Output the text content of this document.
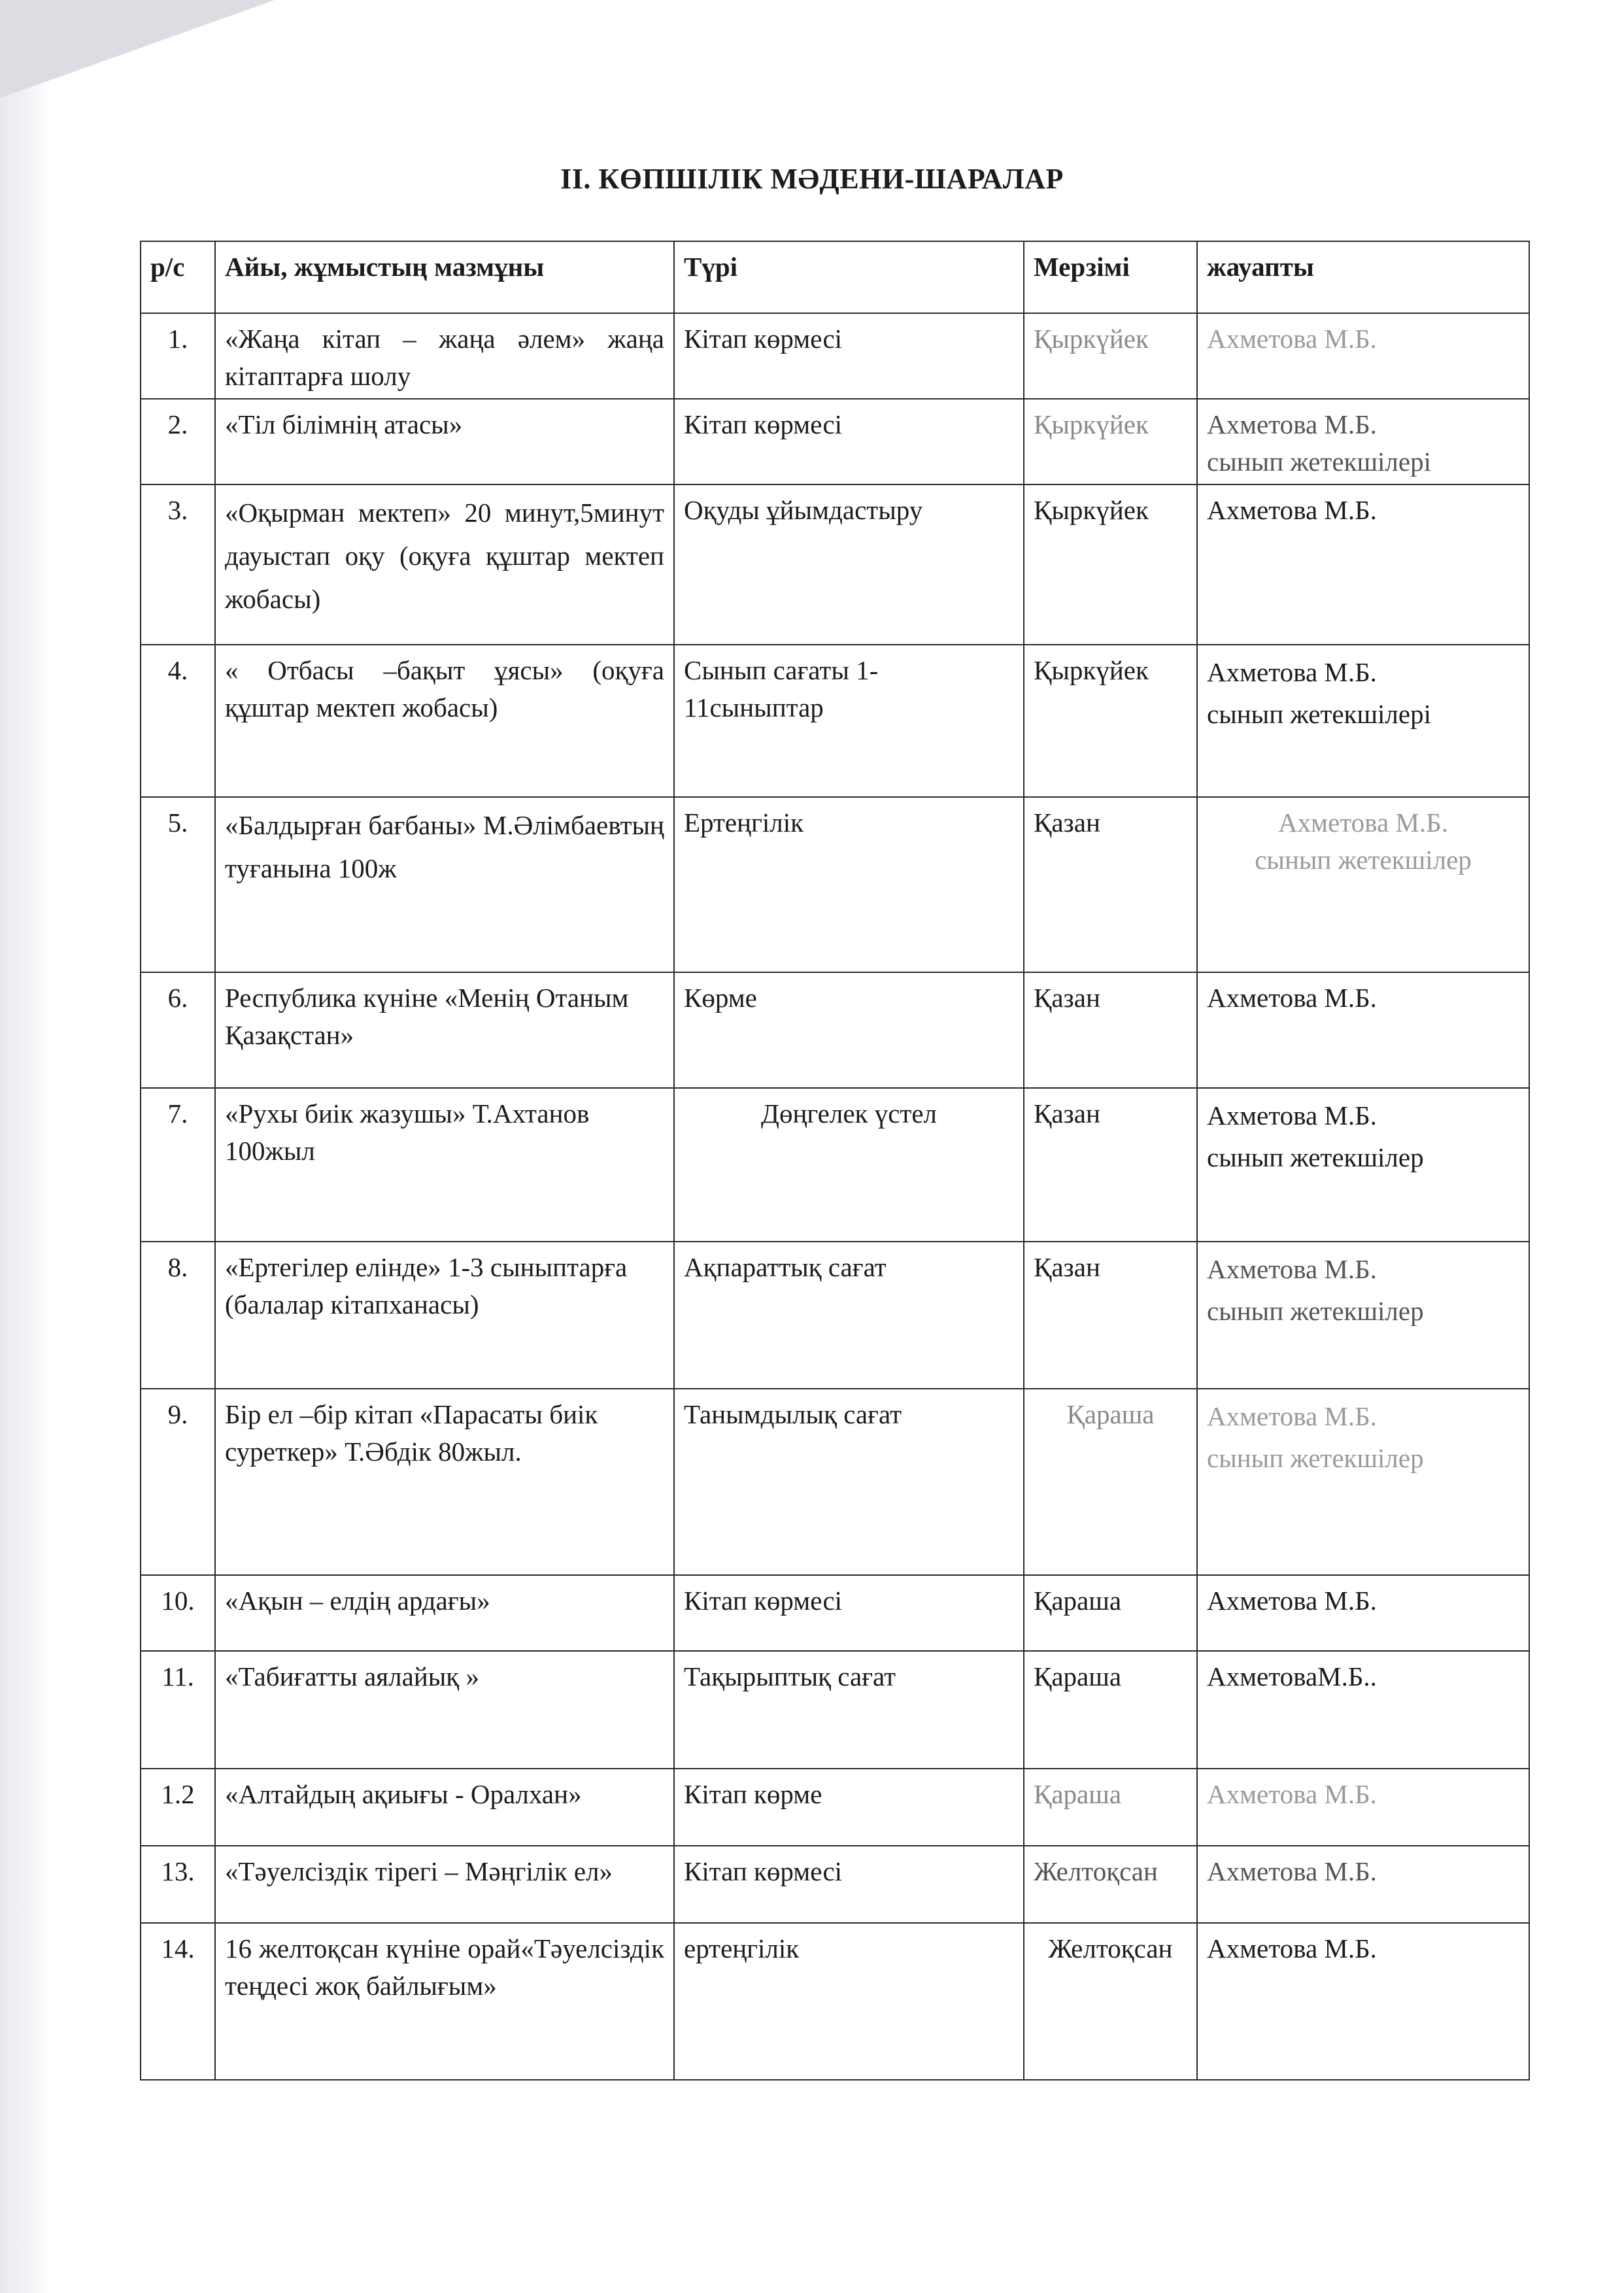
ІІ. КӨПШІЛІК МӘДЕНИ-ШАРАЛАР
р/с	Айы, жұмыстың мазмұны	Түрі	Мерзімі	жауапты
1.	«Жаңа кітап – жаңа әлем» жаңа кітаптарға шолу	Кітап көрмесі	Қыркүйек	Ахметова М.Б.

2.	«Тіл білімнің атасы»	Кітап көрмесі	Қыркүйек	Ахметова М.Б.
сынып жетекшілері

3.	«Оқырман мектеп» 20 минут,5минут дауыстап оқу (оқуға құштар мектеп жобасы)	Оқуды ұйымдастыру	Қыркүйек	Ахметова М.Б.

4.	« Отбасы –бақыт ұясы» (оқуға құштар мектеп жобасы)	Сынып сағаты 1-11сыныптар	Қыркүйек	Ахметова М.Б.
сынып жетекшілері

5.	«Балдырған бағбаны» М.Әлімбаевтың туғанына 100ж	Ертеңгілік	Қазан	Ахметова М.Б.
сынып жетекшілер

6.	Республика күніне «Менің Отаным Қазақстан»	Көрме	Қазан	Ахметова М.Б.

7.	«Рухы биік жазушы» Т.Ахтанов 100жыл	Дөңгелек үстел	Қазан	Ахметова М.Б.
сынып жетекшілер

8.	«Ертегілер елінде» 1-3 сыныптарға (балалар кітапханасы)	Ақпараттық сағат	Қазан	Ахметова М.Б.
сынып жетекшілер

9.	Бір ел –бір кітап «Парасаты биік суреткер» Т.Әбдік 80жыл.	Танымдылық сағат	Қараша	Ахметова М.Б.
сынып жетекшілер

10.	«Ақын – елдің ардағы»	Кітап көрмесі	Қараша	Ахметова М.Б.

11.	«Табиғатты аялайық »	Тақырыптық сағат	Қараша	АхметоваМ.Б..

1.2	«Алтайдың ақиығы - Оралхан»	Кітап көрме	Қараша	Ахметова М.Б.

13.	«Тәуелсіздік тірегі – Мәңгілік ел»	Кітап көрмесі	Желтоқсан	Ахметова М.Б.

14.	16 желтоқсан күніне орай«Тәуелсіздік теңдесі жоқ байлығым»	ертеңгілік	Желтоқсан	Ахметова М.Б.
